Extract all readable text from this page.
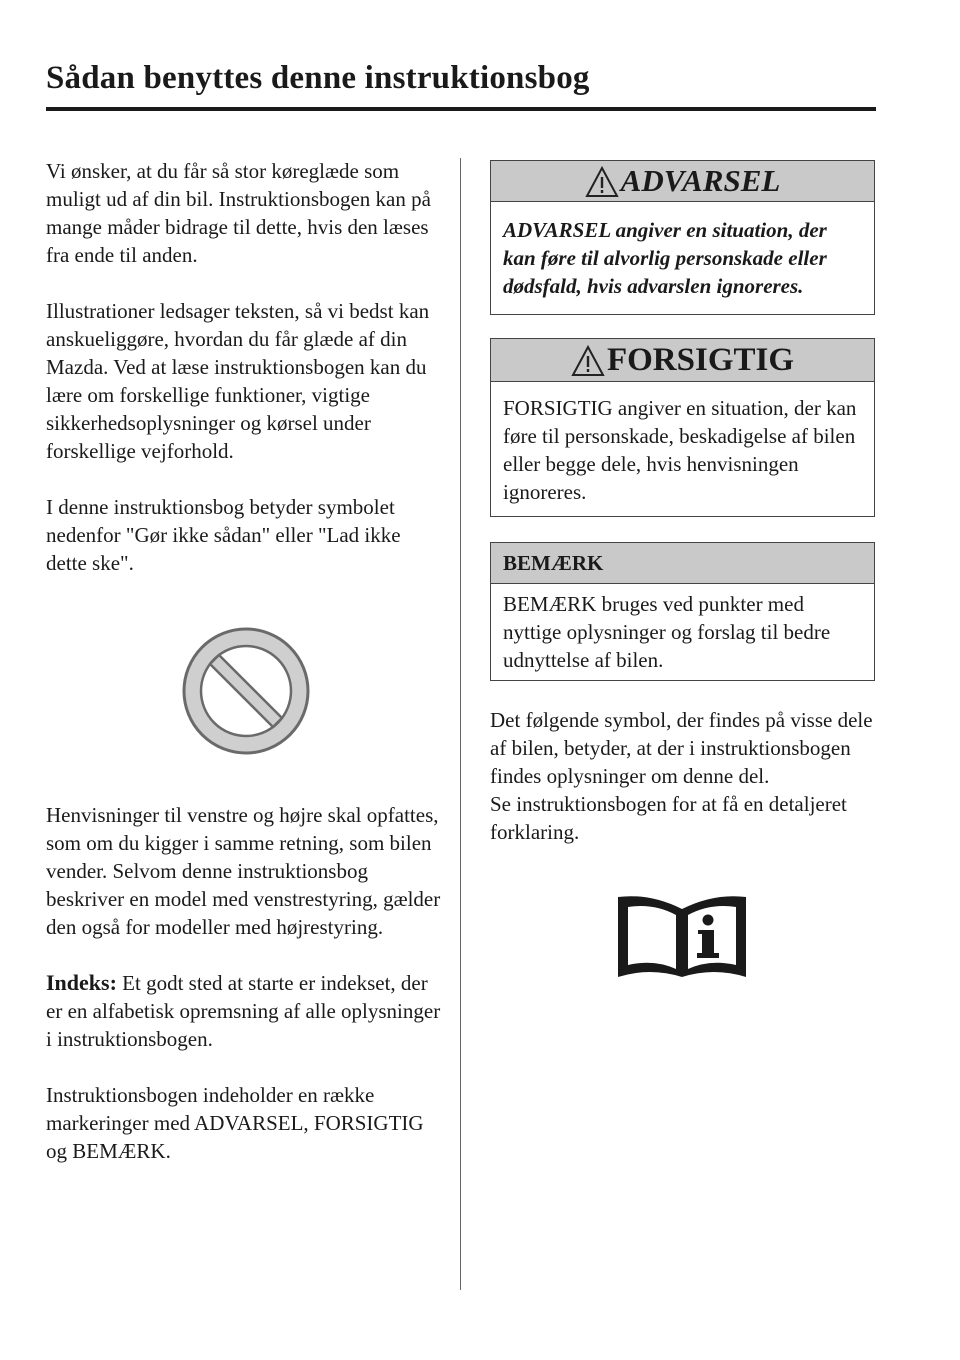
Sådan benyttes denne instruktionsbog

Vi ønsker, at du får så stor køreglæde som muligt ud af din bil. Instruktionsbogen kan på mange måder bidrage til dette, hvis den læses fra ende til anden.

Illustrationer ledsager teksten, så vi bedst kan anskueliggøre, hvordan du får glæde af din Mazda. Ved at læse instruktionsbogen kan du lære om forskellige funktioner, vigtige sikkerhedsoplysninger og kørsel under forskellige vejforhold.

I denne instruktionsbog betyder symbolet nedenfor "Gør ikke sådan" eller "Lad ikke dette ske".

Henvisninger til venstre og højre skal opfattes, som om du kigger i samme retning, som bilen vender. Selvom denne instruktionsbog beskriver en model med venstrestyring, gælder den også for modeller med højrestyring.

Indeks: Et godt sted at starte er indekset, der er en alfabetisk opremsning af alle oplysninger i instruktionsbogen.

Instruktionsbogen indeholder en række markeringer med ADVARSEL, FORSIGTIG og BEMÆRK.

ADVARSEL
ADVARSEL angiver en situation, der kan føre til alvorlig personskade eller dødsfald, hvis advarslen ignoreres.
FORSIGTIG
FORSIGTIG angiver en situation, der kan føre til personskade, beskadigelse af bilen eller begge dele, hvis henvisningen ignoreres.
BEMÆRK
BEMÆRK bruges ved punkter med nyttige oplysninger og forslag til bedre udnyttelse af bilen.

Det følgende symbol, der findes på visse dele af bilen, betyder, at der i instruktionsbogen findes oplysninger om denne del.

Se instruktionsbogen for at få en detaljeret forklaring.
